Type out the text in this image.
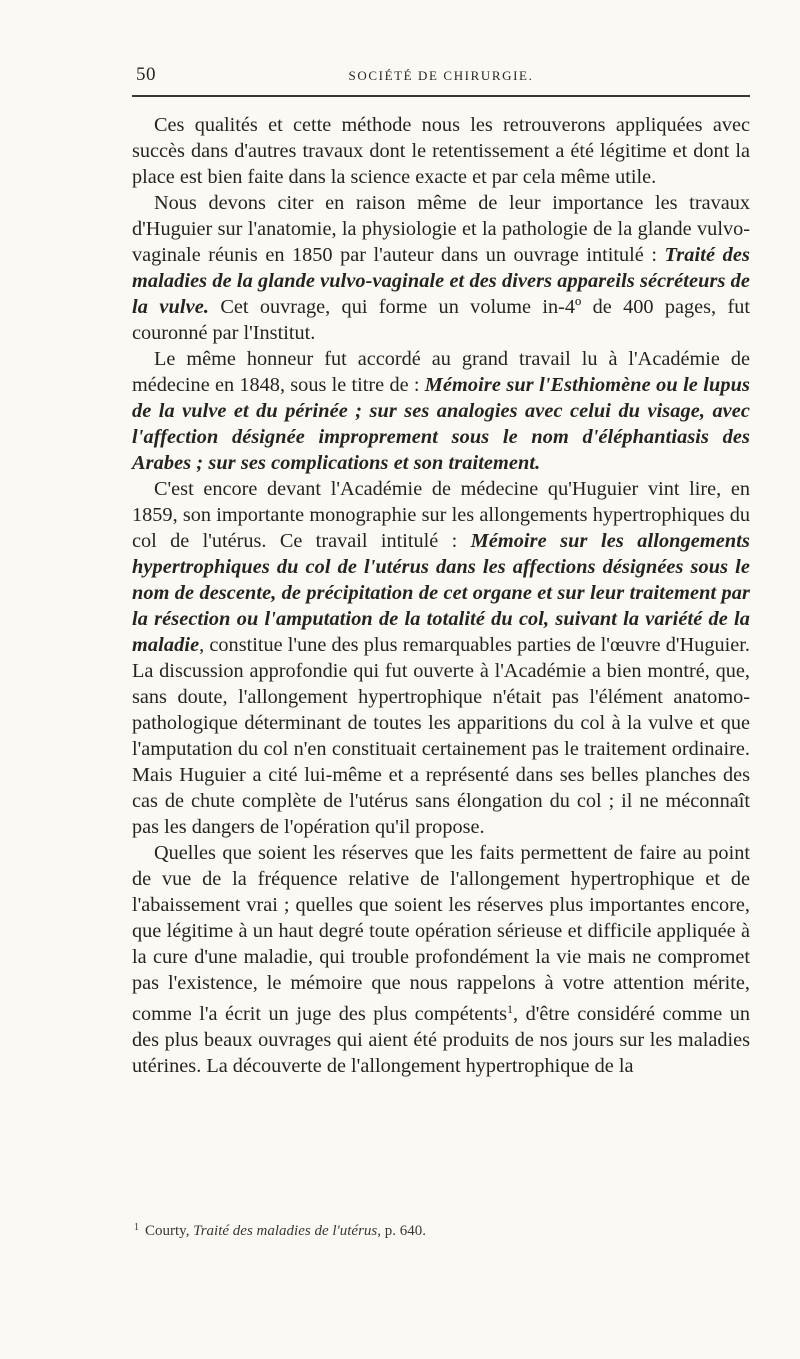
50	SOCIÉTÉ DE CHIRURGIE.

Ces qualités et cette méthode nous les retrouverons appliquées avec succès dans d'autres travaux dont le retentissement a été légitime et dont la place est bien faite dans la science exacte et par cela même utile.

Nous devons citer en raison même de leur importance les travaux d'Huguier sur l'anatomie, la physiologie et la pathologie de la glande vulvo-vaginale réunis en 1850 par l'auteur dans un ouvrage intitulé : Traité des maladies de la glande vulvo-vaginale et des divers appareils sécréteurs de la vulve. Cet ouvrage, qui forme un volume in-4º de 400 pages, fut couronné par l'Institut.

Le même honneur fut accordé au grand travail lu à l'Académie de médecine en 1848, sous le titre de : Mémoire sur l'Esthiomène ou le lupus de la vulve et du périnée ; sur ses analogies avec celui du visage, avec l'affection désignée improprement sous le nom d'éléphantiasis des Arabes ; sur ses complications et son traitement.

C'est encore devant l'Académie de médecine qu'Huguier vint lire, en 1859, son importante monographie sur les allongements hypertrophiques du col de l'utérus. Ce travail intitulé : Mémoire sur les allongements hypertrophiques du col de l'utérus dans les affections désignées sous le nom de descente, de précipitation de cet organe et sur leur traitement par la résection ou l'amputation de la totalité du col, suivant la variété de la maladie, constitue l'une des plus remarquables parties de l'œuvre d'Huguier. La discussion approfondie qui fut ouverte à l'Académie a bien montré, que, sans doute, l'allongement hypertrophique n'était pas l'élément anatomo-pathologique déterminant de toutes les apparitions du col à la vulve et que l'amputation du col n'en constituait certainement pas le traitement ordinaire. Mais Huguier a cité lui-même et a représenté dans ses belles planches des cas de chute complète de l'utérus sans élongation du col ; il ne méconnaît pas les dangers de l'opération qu'il propose.

Quelles que soient les réserves que les faits permettent de faire au point de vue de la fréquence relative de l'allongement hypertrophique et de l'abaissement vrai ; quelles que soient les réserves plus importantes encore, que légitime à un haut degré toute opération sérieuse et difficile appliquée à la cure d'une maladie, qui trouble profondément la vie mais ne compromet pas l'existence, le mémoire que nous rappelons à votre attention mérite, comme l'a écrit un juge des plus compétents$^1$, d'être considéré comme un des plus beaux ouvrages qui aient été produits de nos jours sur les maladies utérines. La découverte de l'allongement hypertrophique de la

$^1$ Courty, Traité des maladies de l'utérus, p. 640.
